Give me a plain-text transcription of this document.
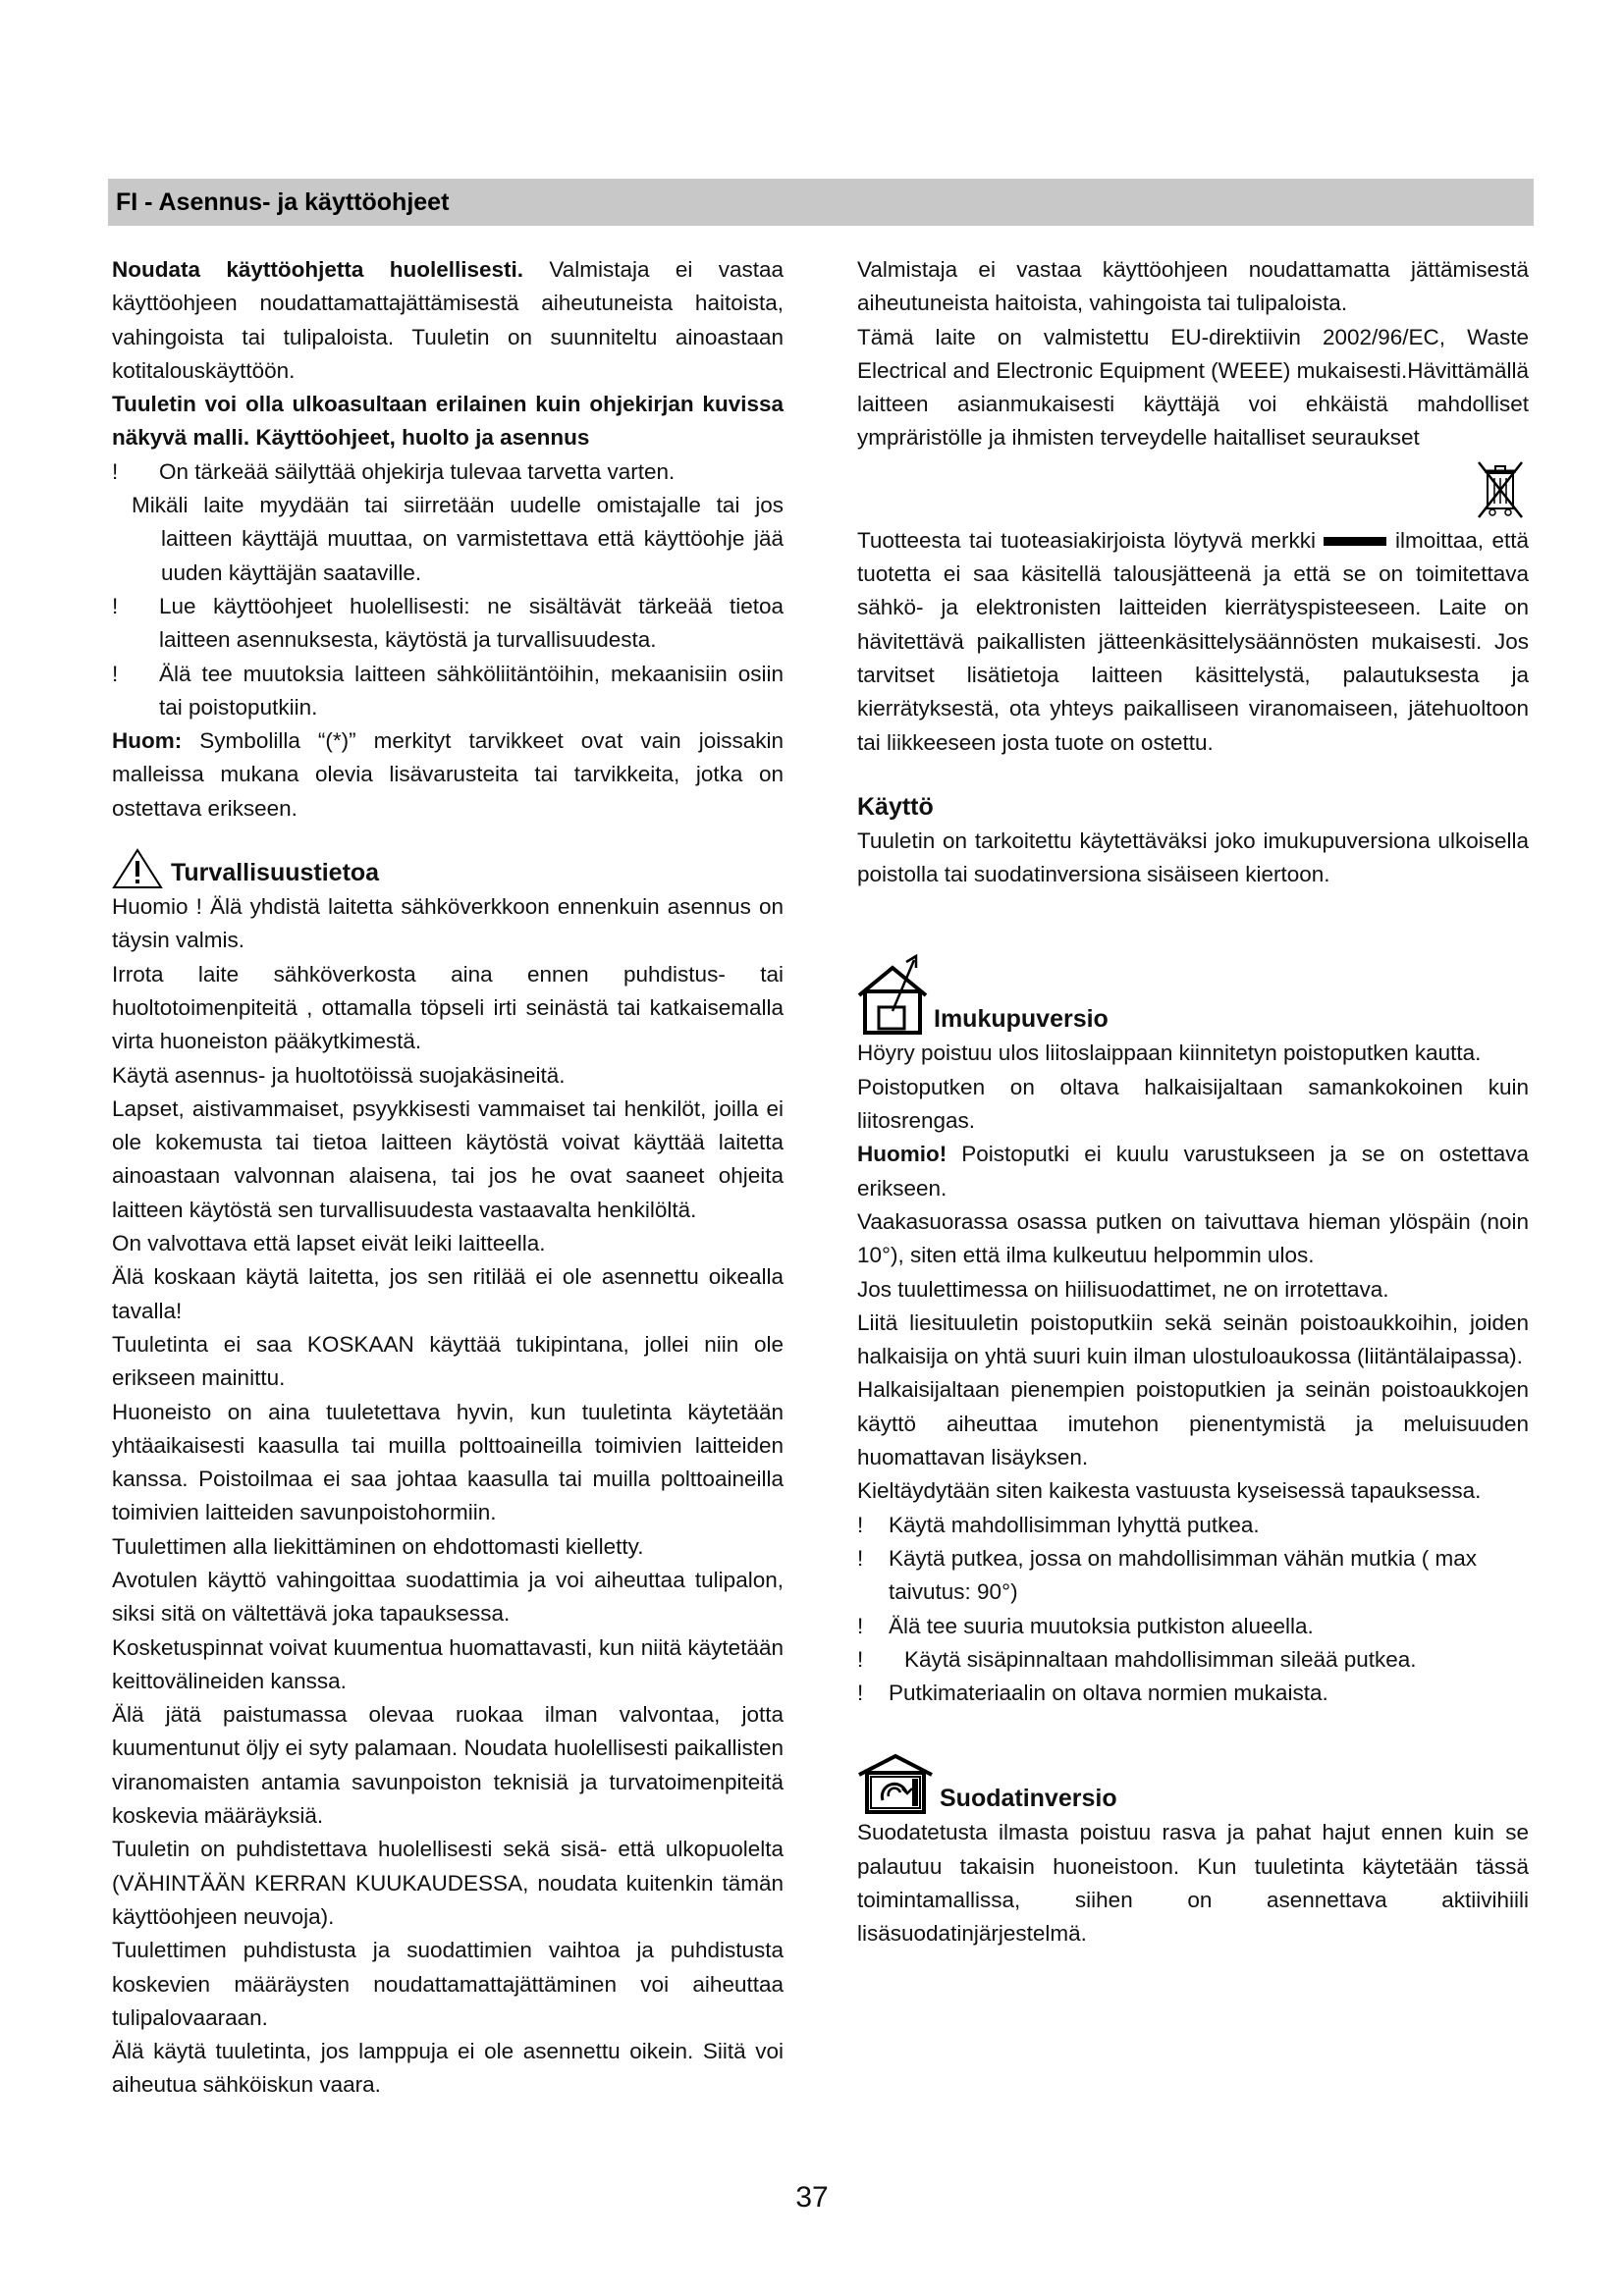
FI - Asennus- ja käyttöohjeet

Noudata käyttöohjetta huolellisesti. Valmistaja ei vastaa käyttöohjeen noudattamattajättämisestä aiheutuneista haitoista, vahingoista tai tulipaloista. Tuuletin on suunniteltu ainoastaan kotitalouskäyttöön.

Tuuletin voi olla ulkoasultaan erilainen kuin ohjekirjan kuvissa näkyvä malli. Käyttöohjeet, huolto ja asennus

! On tärkeää säilyttää ohjekirja tulevaa tarvetta varten.

Mikäli laite myydään tai siirretään uudelle omistajalle tai jos laitteen käyttäjä muuttaa, on varmistettava että käyttöohje jää uuden käyttäjän saataville.

! Lue käyttöohjeet huolellisesti: ne sisältävät tärkeää tietoa laitteen asennuksesta, käytöstä ja turvallisuudesta.

! Älä tee muutoksia laitteen sähköliitäntöihin, mekaanisiin osiin tai poistoputkiin.

Huom: Symbolilla “(*)” merkityt tarvikkeet ovat vain joissakin malleissa mukana olevia lisävarusteita tai tarvikkeita, jotka on ostettava erikseen.

Turvallisuustietoa

Huomio ! Älä yhdistä laitetta sähköverkkoon ennenkuin asennus on täysin valmis.

Irrota laite sähköverkosta aina ennen puhdistus- tai huoltotoimenpiteitä , ottamalla töpseli irti seinästä tai katkaisemalla virta huoneiston pääkytkimestä.

Käytä asennus- ja huoltotöissä suojakäsineitä.

Lapset, aistivammaiset, psyykkisesti vammaiset tai henkilöt, joilla ei ole kokemusta tai tietoa laitteen käytöstä voivat käyttää laitetta ainoastaan valvonnan alaisena, tai jos he ovat saaneet ohjeita laitteen käytöstä sen turvallisuudesta vastaavalta henkilöltä.

On valvottava että lapset eivät leiki laitteella.

Älä koskaan käytä laitetta, jos sen ritilää ei ole asennettu oikealla tavalla!

Tuuletinta ei saa KOSKAAN käyttää tukipintana, jollei niin ole erikseen mainittu.

Huoneisto on aina tuuletettava hyvin, kun tuuletinta käytetään yhtäaikaisesti kaasulla tai muilla polttoaineilla toimivien laitteiden kanssa. Poistoilmaa ei saa johtaa kaasulla tai muilla polttoaineilla toimivien laitteiden savunpoistohormiin.

Tuulettimen alla liekittäminen on ehdottomasti kielletty.

Avotulen käyttö vahingoittaa suodattimia ja voi aiheuttaa tulipalon, siksi sitä on vältettävä joka tapauksessa.

Kosketuspinnat voivat kuumentua huomattavasti, kun niitä käytetään keittovälineiden kanssa.

Älä jätä paistumassa olevaa ruokaa ilman valvontaa, jotta kuumentunut öljy ei syty palamaan. Noudata huolellisesti paikallisten viranomaisten antamia savunpoiston teknisiä ja turvatoimenpiteitä koskevia määräyksiä.

Tuuletin on puhdistettava huolellisesti sekä sisä- että ulkopuolelta (VÄHINTÄÄN KERRAN KUUKAUDESSA, noudata kuitenkin tämän käyttöohjeen neuvoja).

Tuulettimen puhdistusta ja suodattimien vaihtoa ja puhdistusta koskevien määräysten noudattamattajättäminen voi aiheuttaa tulipalovaaraan.

Älä käytä tuuletinta, jos lamppuja ei ole asennettu oikein. Siitä voi aiheutua sähköiskun vaara.

Valmistaja ei vastaa käyttöohjeen noudattamatta jättämisestä aiheutuneista haitoista, vahingoista tai tulipaloista.

Tämä laite on valmistettu EU-direktiivin 2002/96/EC, Waste Electrical and Electronic Equipment (WEEE) mukaisesti.Hävittämällä laitteen asianmukaisesti käyttäjä voi ehkäistä mahdolliset ympräristölle ja ihmisten terveydelle haitalliset seuraukset

Tuotteesta tai tuoteasiakirjoista löytyvä merkki	ilmoittaa, että tuotetta ei saa käsitellä talousjätteenä ja että se on toimitettava sähkö- ja elektronisten laitteiden kierrätyspisteeseen. Laite on hävitettävä paikallisten jätteenkäsittelysäännösten mukaisesti. Jos tarvitset lisätietoja laitteen käsittelystä, palautuksesta ja kierrätyksestä, ota yhteys paikalliseen viranomaiseen, jätehuoltoon tai liikkeeseen josta tuote on ostettu.

Käyttö

Tuuletin on tarkoitettu käytettäväksi joko imukupuversiona ulkoisella poistolla tai suodatinversiona sisäiseen kiertoon.

Imukupuversio

Höyry poistuu ulos liitoslaippaan kiinnitetyn poistoputken kautta.

Poistoputken on oltava halkaisijaltaan samankokoinen kuin liitosrengas.

Huomio! Poistoputki ei kuulu varustukseen ja se on ostettava erikseen.

Vaakasuorassa osassa putken on taivuttava hieman ylöspäin (noin 10°), siten että ilma kulkeutuu helpommin ulos.

Jos tuulettimessa on hiilisuodattimet, ne on irrotettava.

Liitä liesituuletin poistoputkiin sekä seinän poistoaukkoihin, joiden halkaisija on yhtä suuri kuin ilman ulostuloaukossa (liitäntälaipassa).

Halkaisijaltaan pienempien poistoputkien ja seinän poistoaukkojen käyttö aiheuttaa imutehon pienentymistä ja meluisuuden huomattavan lisäyksen.

Kieltäydytään siten kaikesta vastuusta kyseisessä tapauksessa.

! Käytä mahdollisimman lyhyttä putkea.

! Käytä putkea, jossa on mahdollisimman vähän mutkia ( max taivutus: 90°)

! Älä tee suuria muutoksia putkiston alueella.

! Käytä sisäpinnaltaan mahdollisimman sileää putkea.

! Putkimateriaalin on oltava normien mukaista.

Suodatinversio

Suodatetusta ilmasta poistuu rasva ja pahat hajut ennen kuin se palautuu takaisin huoneistoon. Kun tuuletinta käytetään tässä toimintamallissa, siihen on asennettava aktiivihiili lisäsuodatinjärjestelmä.

37
